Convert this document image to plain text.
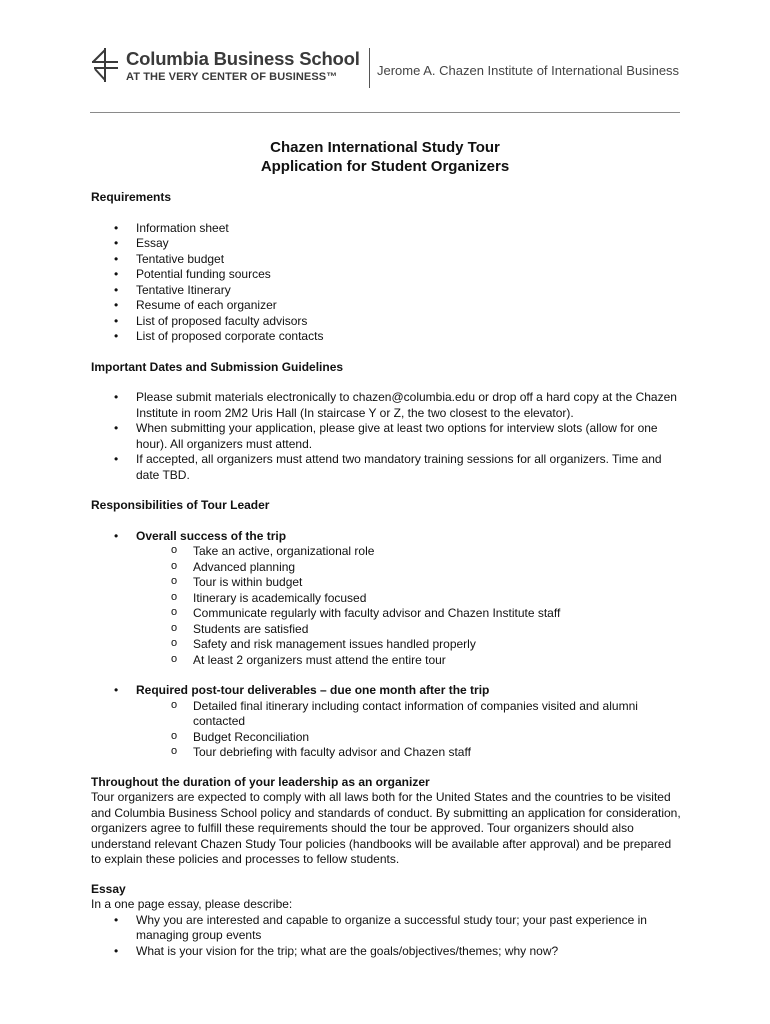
Columbia Business School
AT THE VERY CENTER OF BUSINESS™	Jerome A. Chazen Institute of International Business
Chazen International Study Tour
Application for Student Organizers

Requirements

• Information sheet
• Essay
• Tentative budget
• Potential funding sources
• Tentative Itinerary
• Resume of each organizer
• List of proposed faculty advisors
• List of proposed corporate contacts

Important Dates and Submission Guidelines

• Please submit materials electronically to chazen@columbia.edu or drop off a hard copy at the Chazen Institute in room 2M2 Uris Hall (In staircase Y or Z, the two closest to the elevator).
• When submitting your application, please give at least two options for interview slots (allow for one hour). All organizers must attend.
• If accepted, all organizers must attend two mandatory training sessions for all organizers. Time and date TBD.

Responsibilities of Tour Leader

• Overall success of the trip
o Take an active, organizational role
o Advanced planning
o Tour is within budget
o Itinerary is academically focused
o Communicate regularly with faculty advisor and Chazen Institute staff
o Students are satisfied
o Safety and risk management issues handled properly
o At least 2 organizers must attend the entire tour
• Required post-tour deliverables – due one month after the trip
o Detailed final itinerary including contact information of companies visited and alumni contacted
o Budget Reconciliation
o Tour debriefing with faculty advisor and Chazen staff

Throughout the duration of your leadership as an organizer

Tour organizers are expected to comply with all laws both for the United States and the countries to be visited and Columbia Business School policy and standards of conduct. By submitting an application for consideration, organizers agree to fulfill these requirements should the tour be approved. Tour organizers should also understand relevant Chazen Study Tour policies (handbooks will be available after approval) and be prepared to explain these policies and processes to fellow students.

Essay

In a one page essay, please describe:

• Why you are interested and capable to organize a successful study tour; your past experience in managing group events
• What is your vision for the trip; what are the goals/objectives/themes; why now?
